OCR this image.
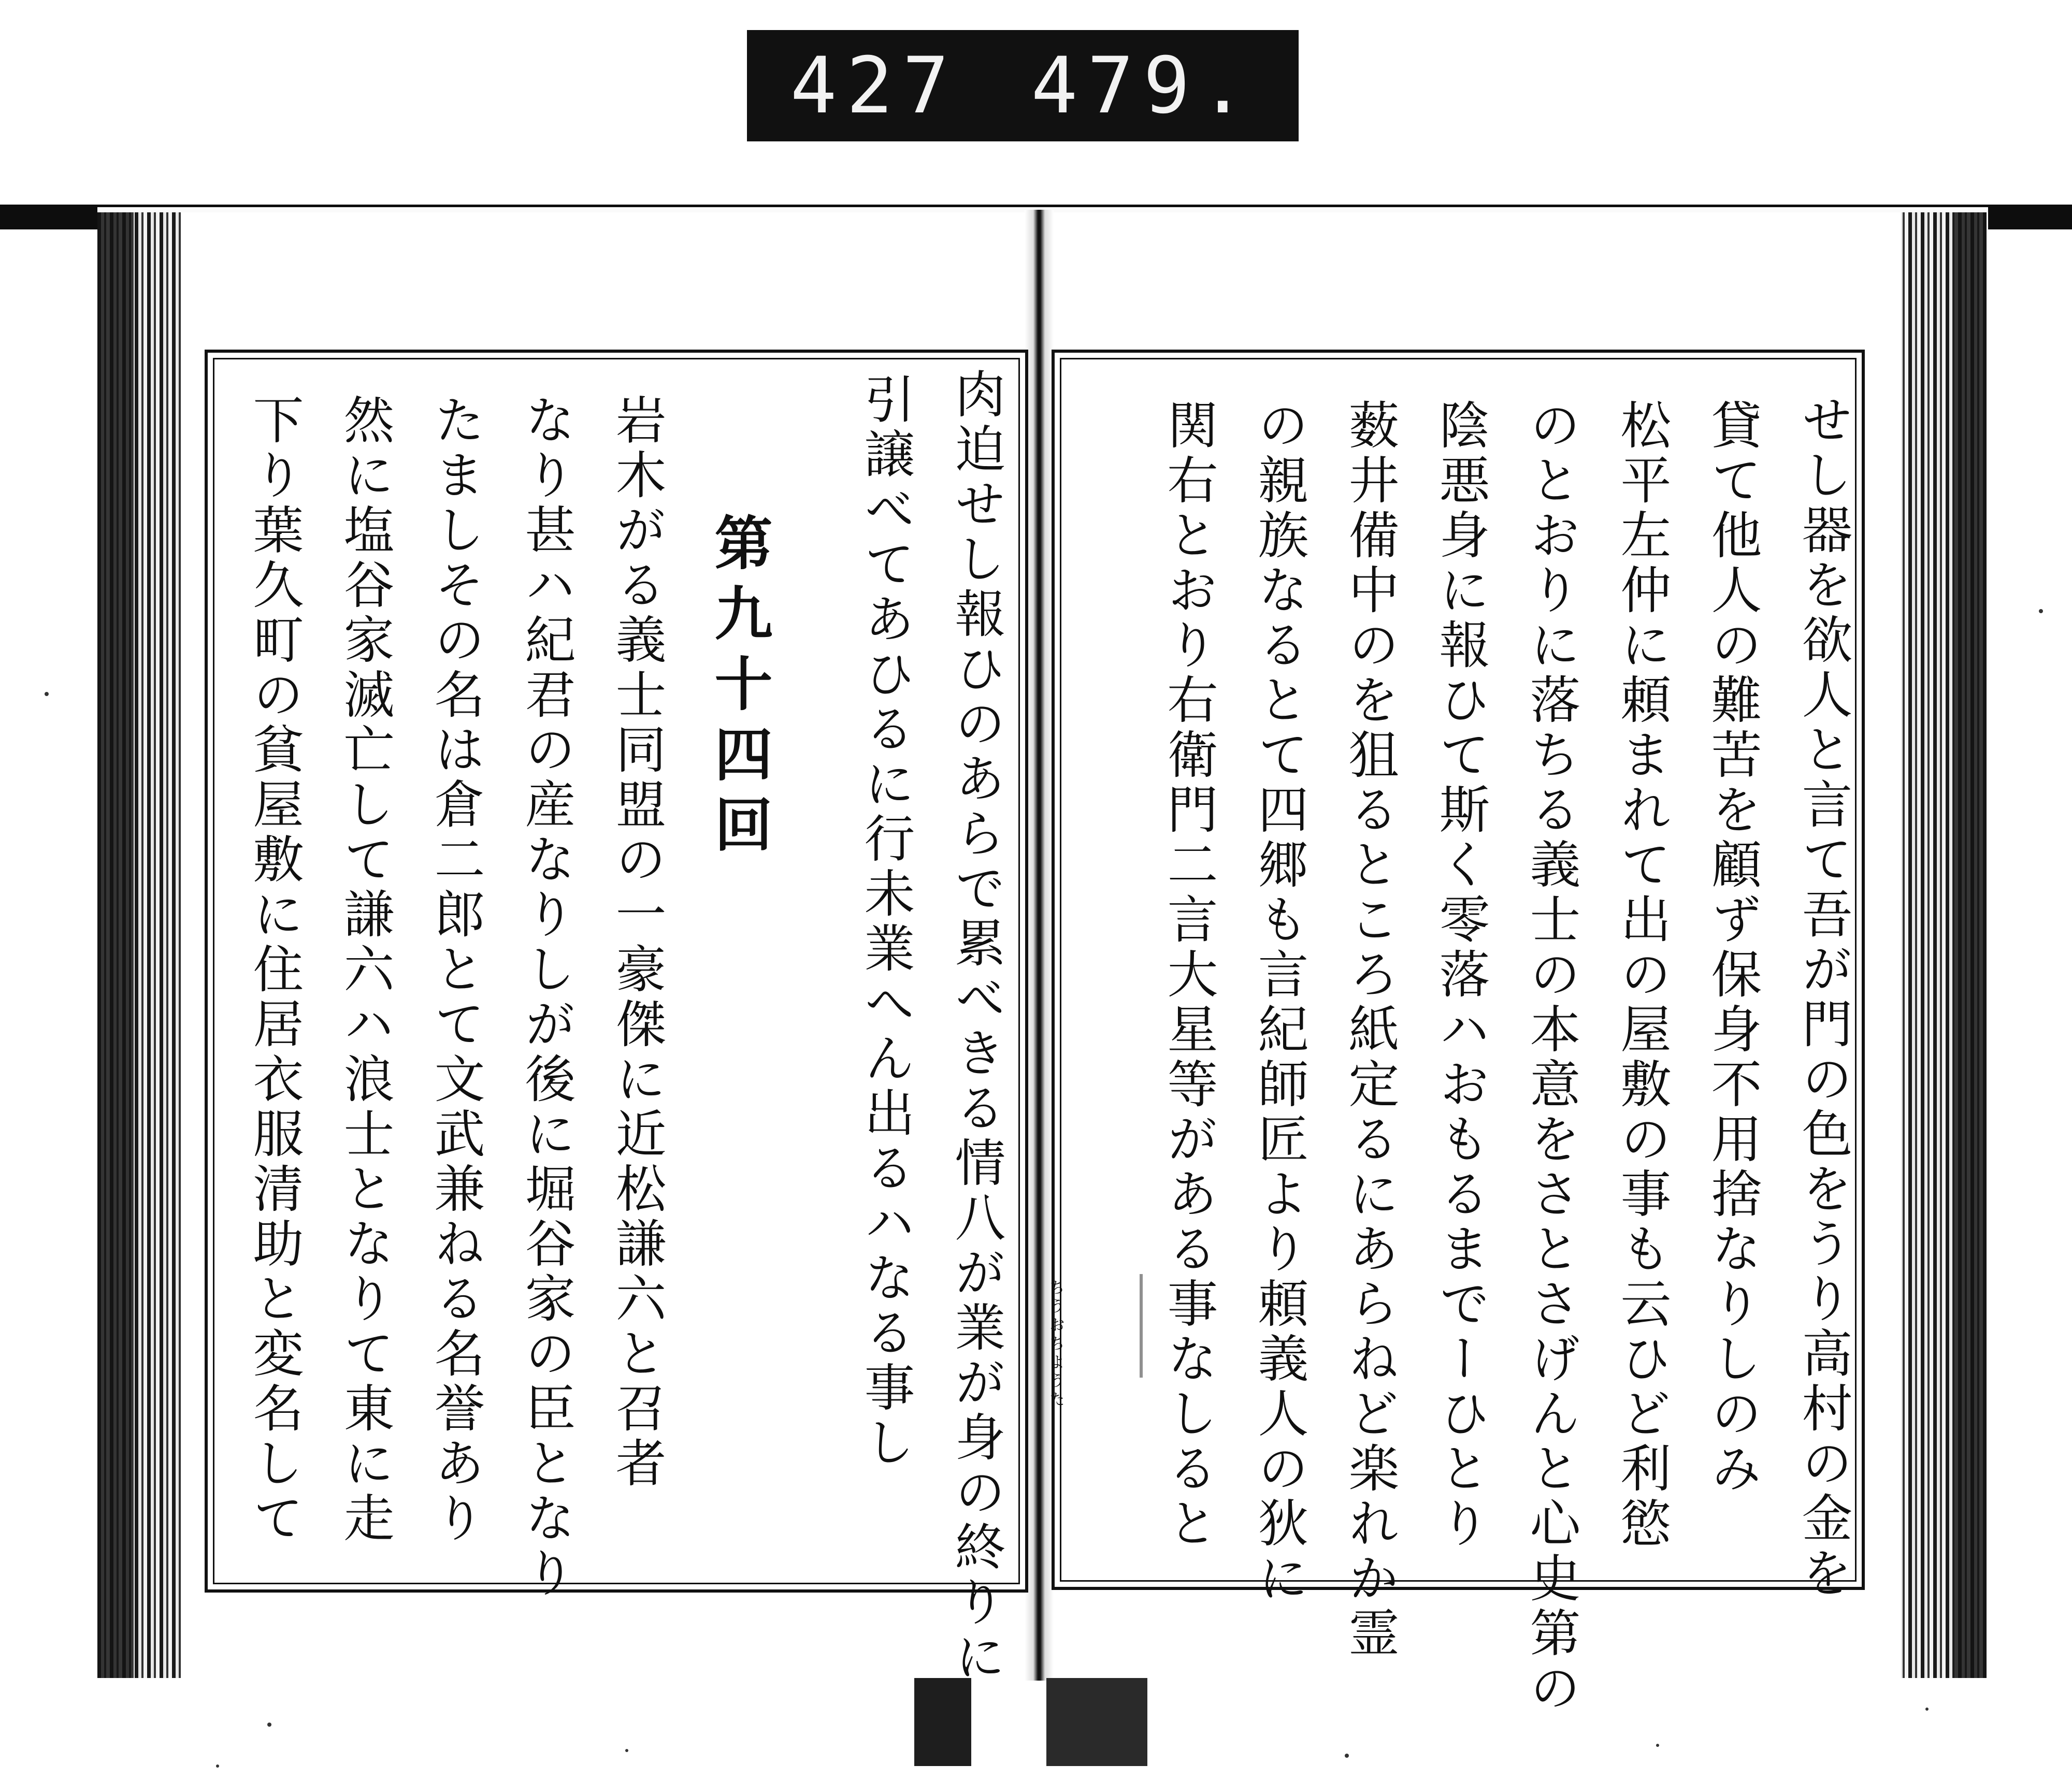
427 479.
ちうおちようた	せし器を欲人と言て吾が門の色をうり高村の金を
貸て他人の難苦を顧ず保身不用捨なりしのみ
松平左仲に頼まれて出の屋敷の事も云ひど利慾
のとおりに落ちる義士の本意をさとさげんと心史第の
陰悪身に報ひて斯く零落ハおもるまでーひとり
薮井備中のを狙るところ紙定るにあらねど楽れか霊
の親族なるとて四郷も言紀師匠より頼義人の狄に
関右とおり右衛門二言大星等がある事なしると
肉迫せし報ひのあらで累べきる情八が業が身の終りに
引譲べてあひるに行未業へん出るハなる事し
第九十四回
岩木がる義士同盟の一豪傑に近松謙六と召者
なり甚ハ紀君の産なりしが後に堀谷家の臣となり
たましその名は倉二郎とて文武兼ねる名誉あり
然に塩谷家滅亡して謙六ハ浪士となりて東に走
下り葉久町の貧屋敷に住居衣服清助と変名して
